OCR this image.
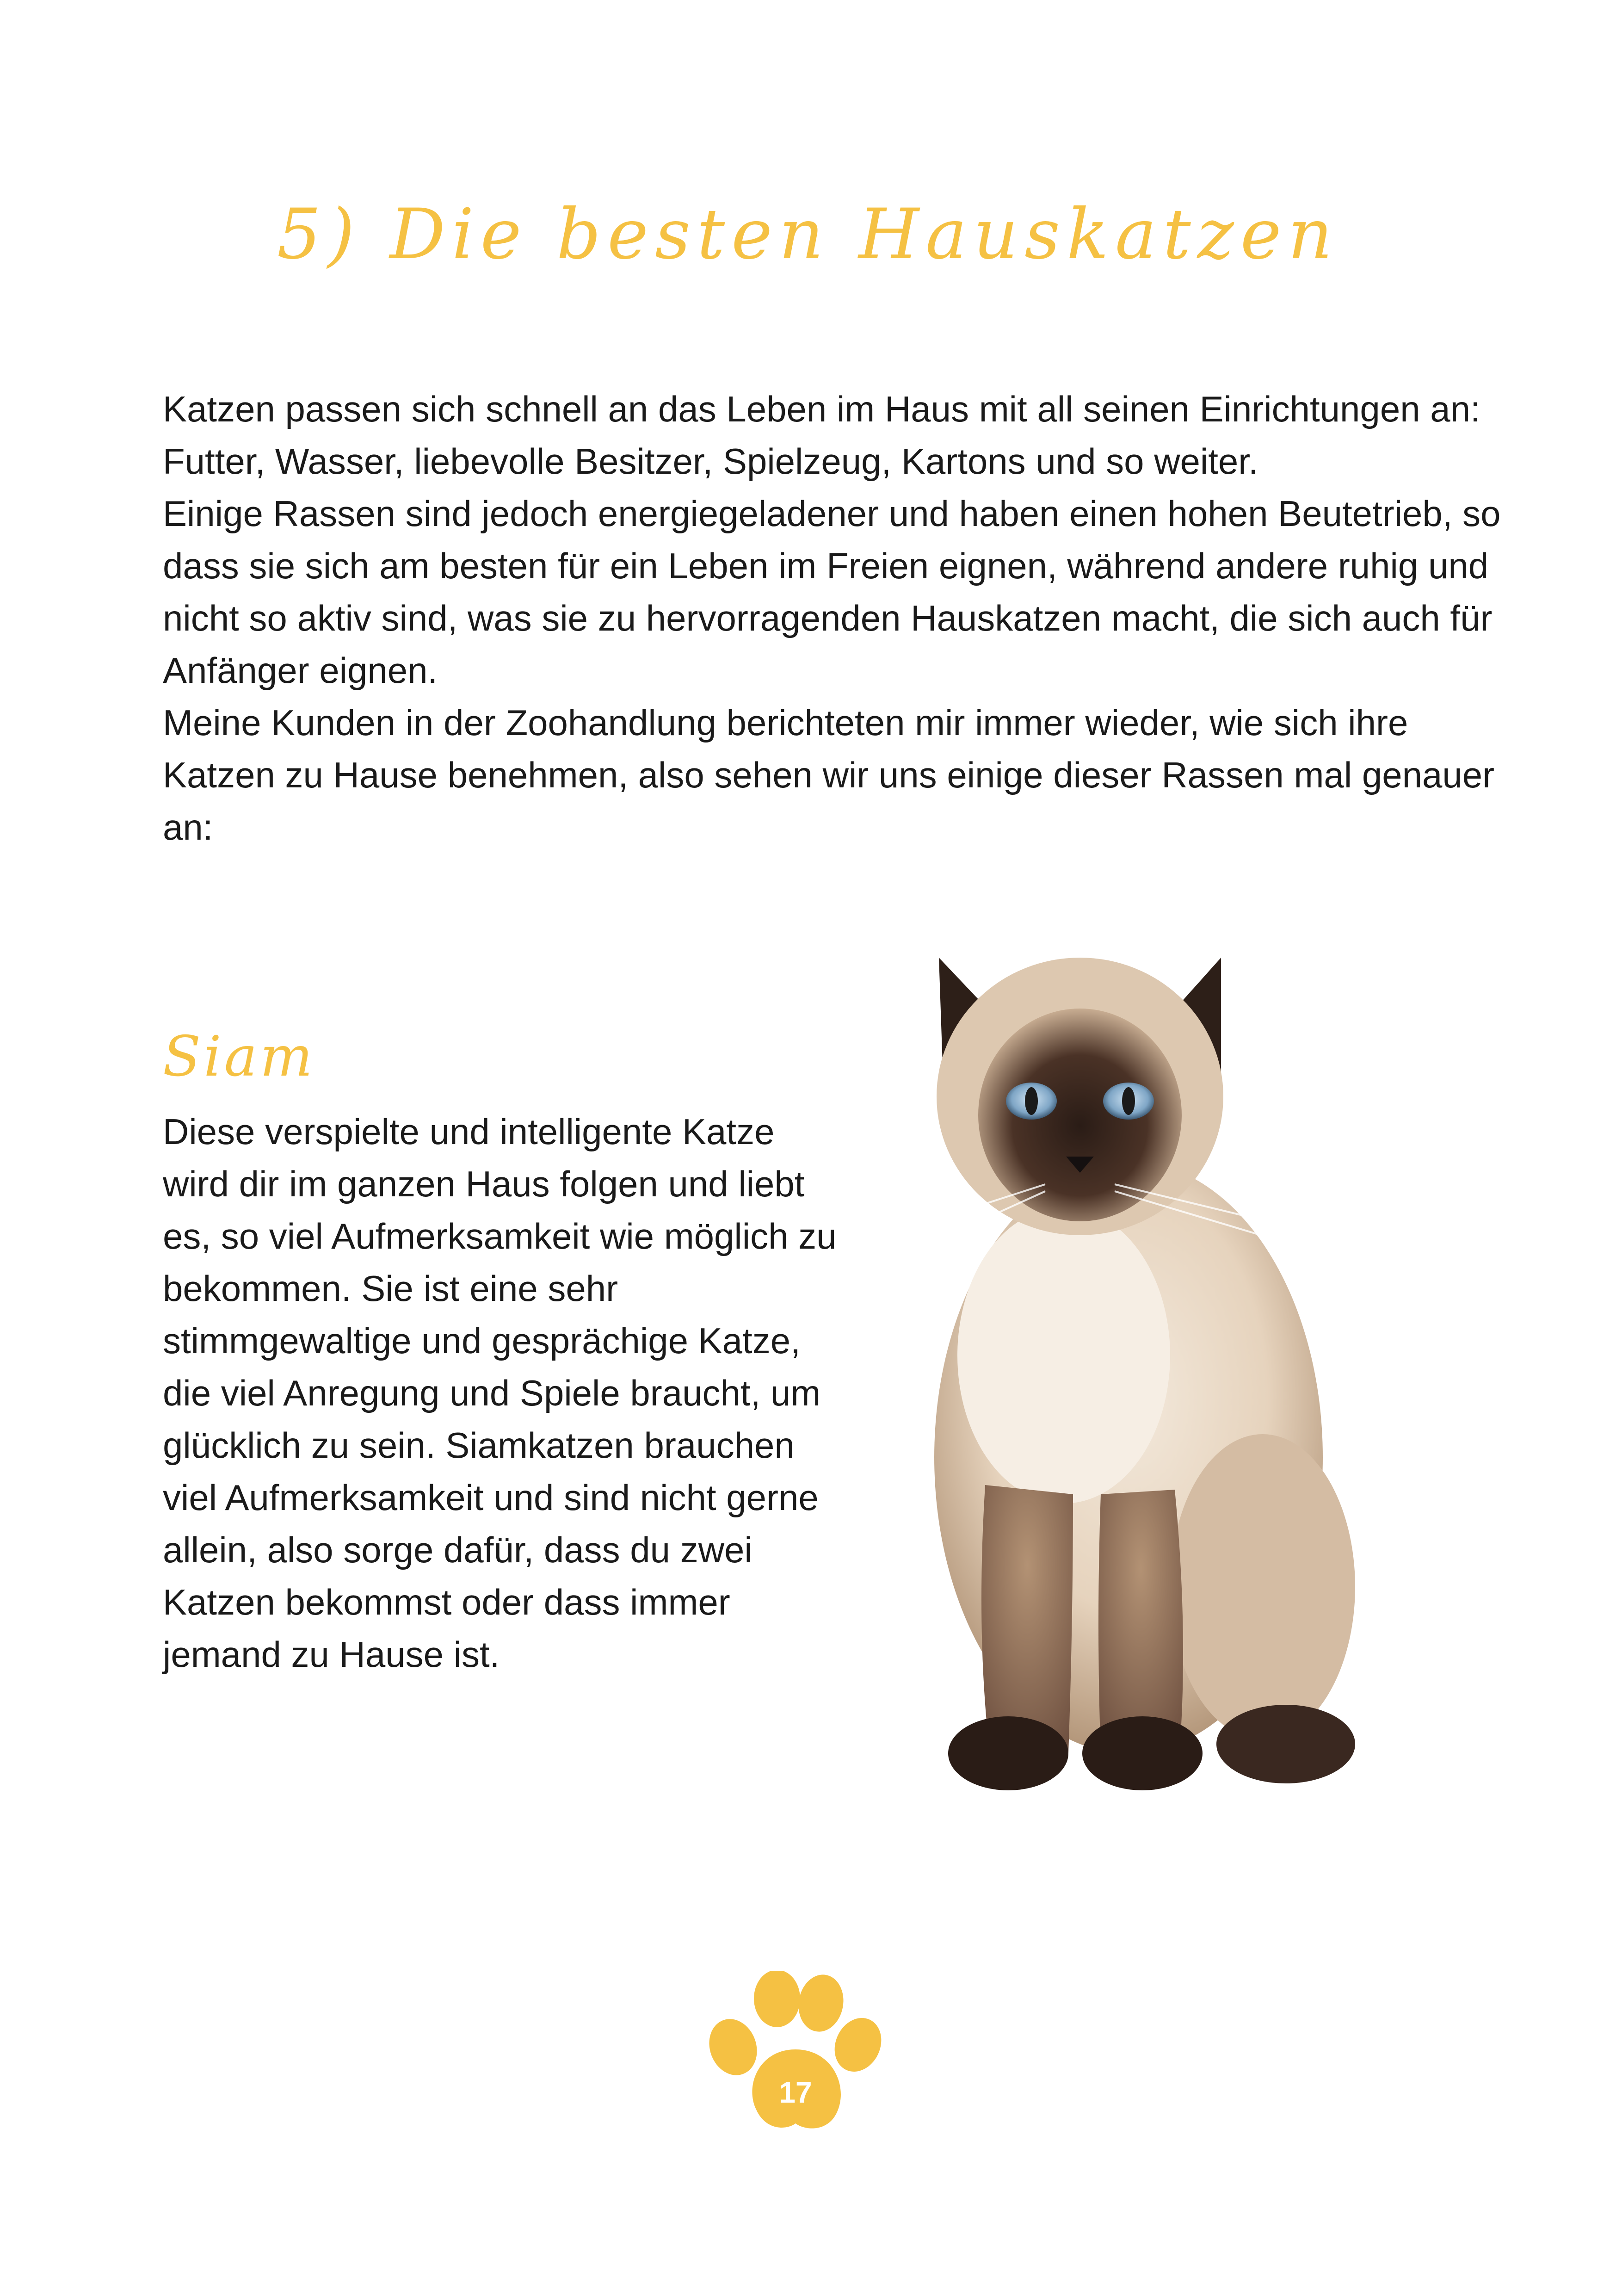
5) Die besten Hauskatzen

Katzen passen sich schnell an das Leben im Haus mit all seinen Einrichtungen an: Futter, Wasser, liebevolle Besitzer, Spielzeug, Kartons und so weiter.

Einige Rassen sind jedoch energiegeladener und haben einen hohen Beutetrieb, so dass sie sich am besten für ein Leben im Freien eignen, während andere ruhig und nicht so aktiv sind, was sie zu hervorragenden Hauskatzen macht, die sich auch für Anfänger eignen.

Meine Kunden in der Zoohandlung berichteten mir immer wieder, wie sich ihre Katzen zu Hause benehmen, also sehen wir uns einige dieser Rassen mal genauer an:

Siam

Diese verspielte und intelligente Katze wird dir im ganzen Haus folgen und liebt es, so viel Aufmerksamkeit wie möglich zu bekommen. Sie ist eine sehr stimmgewaltige und gesprächige Katze, die viel Anregung und Spiele braucht, um glücklich zu sein. Siamkatzen brauchen viel Aufmerksamkeit und sind nicht gerne allein, also sorge dafür, dass du zwei Katzen bekommst oder dass immer jemand zu Hause ist.

17
